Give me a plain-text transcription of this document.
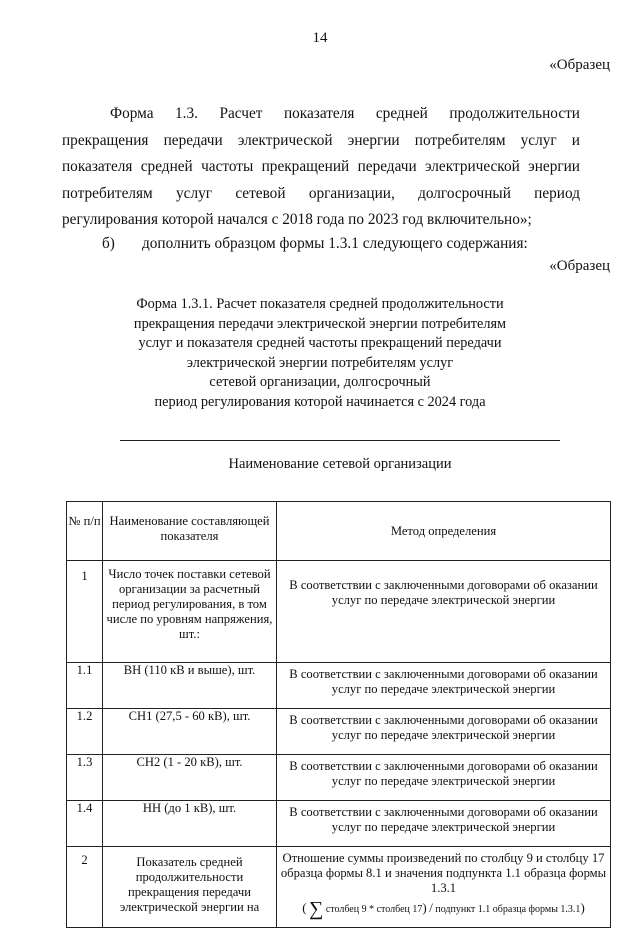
14
«Образец
Форма 1.3. Расчет показателя средней продолжительности прекращения передачи электрической энергии потребителям услуг и показателя средней частоты прекращений передачи электрической энергии потребителям услуг сетевой организации, долгосрочный период регулирования которой начался с 2018 года по 2023 год включительно»;
б) дополнить образцом формы 1.3.1 следующего содержания:
«Образец
Форма 1.3.1. Расчет показателя средней продолжительности
прекращения передачи электрической энергии потребителям
услуг и показателя средней частоты прекращений передачи
электрической энергии потребителям услуг
сетевой организации, долгосрочный
период регулирования которой начинается с 2024 года
Наименование сетевой организации
№ п/п	Наименование составляющей показателя	Метод определения
1	Число точек поставки сетевой организации за расчетный период регулирования, в том числе по уровням напряжения, шт.:	В соответствии с заключенными договорами об оказании услуг по передаче электрической энергии
1.1	ВН (110 кВ и выше), шт.	В соответствии с заключенными договорами об оказании услуг по передаче электрической энергии
1.2	СН1 (27,5 - 60 кВ), шт.	В соответствии с заключенными договорами об оказании услуг по передаче электрической энергии
1.3	СН2 (1 - 20 кВ), шт.	В соответствии с заключенными договорами об оказании услуг по передаче электрической энергии
1.4	НН (до 1 кВ), шт.	В соответствии с заключенными договорами об оказании услуг по передаче электрической энергии
2	Показатель средней продолжительности прекращения передачи электрической энергии на	Отношение суммы произведений по столбцу 9 и столбцу 17 образца формы 8.1 и значения подпункта 1.1 образца формы 1.3.1
( ∑ столбец 9 * столбец 17) / подпункт 1.1 образца формы 1.3.1)
